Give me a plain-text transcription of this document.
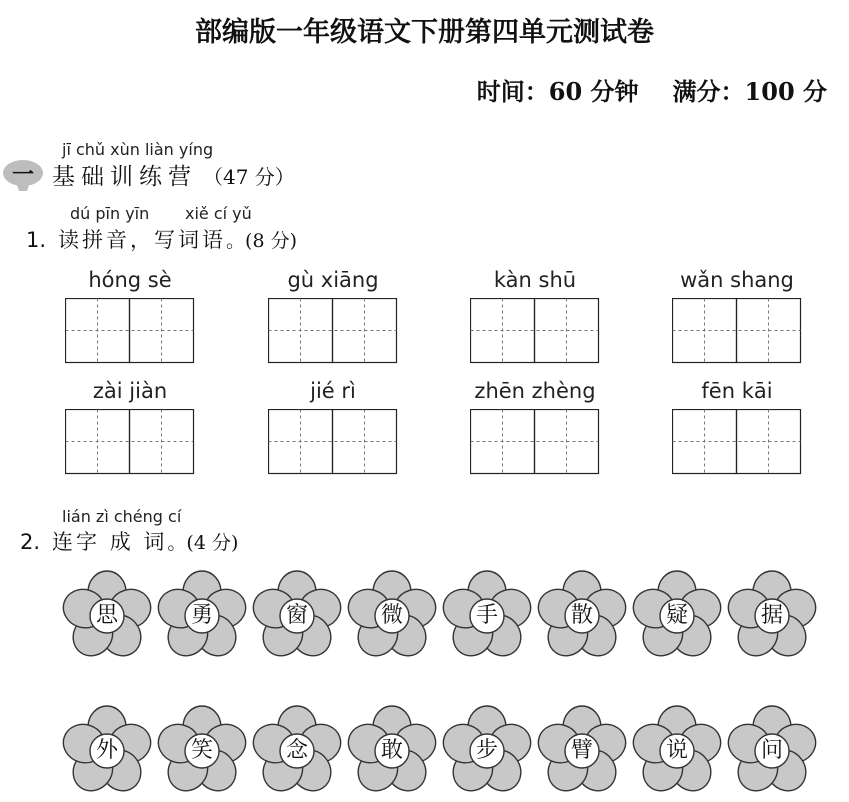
部编版一年级语文下册第四单元测试卷
时间：60 分钟 满分：100 分
jī chǔ xùn liàn yíng
一 基础训练营 （47 分）
dú pīn yīn xiě cí yǔ
1. 读拼音，写词语。(8 分)
hóng sè	gù xiāng	kàn shū	wǎn shang
zài jiàn	jié rì	zhēn zhèng	fēn kāi
lián zì chéng cí
2. 连字 成 词。(4 分)
思	勇	窗	微	手	散	疑	据
外	笑	念	敢	步	臂	说	问
